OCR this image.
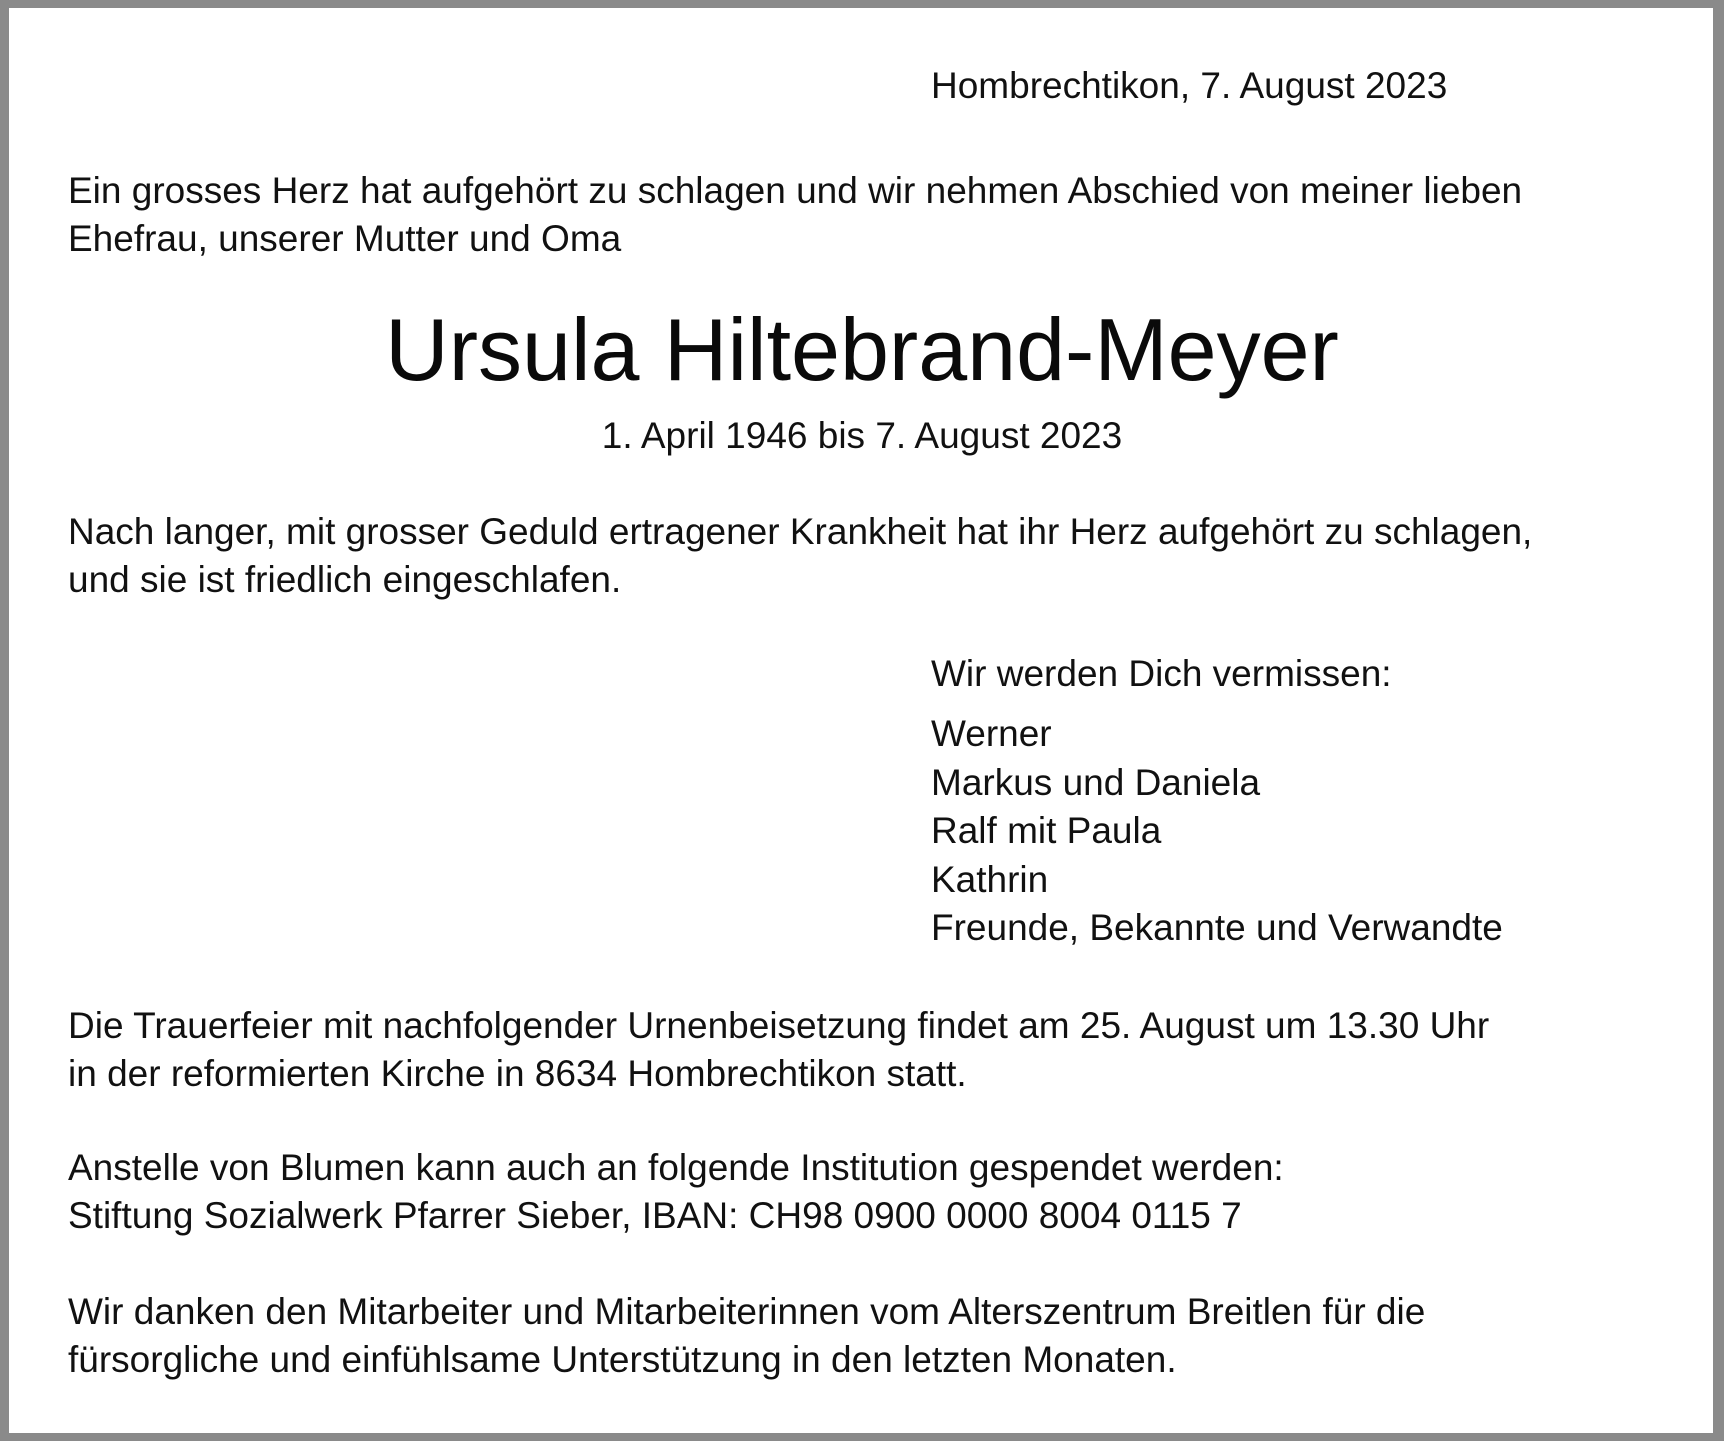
Hombrechtikon, 7. August 2023

Ein grosses Herz hat aufgehört zu schlagen und wir nehmen Abschied von meiner lieben

Ehefrau, unserer Mutter und Oma

Ursula Hiltebrand-Meyer
1. April 1946 bis 7. August 2023

Nach langer, mit grosser Geduld ertragener Krankheit hat ihr Herz aufgehört zu schlagen,

und sie ist friedlich eingeschlafen.

Wir werden Dich vermissen:

Werner
Markus und Daniela
Ralf mit Paula
Kathrin
Freunde, Bekannte und Verwandte

Die Trauerfeier mit nachfolgender Urnenbeisetzung findet am 25. August um 13.30 Uhr

in der reformierten Kirche in 8634 Hombrechtikon statt.

Anstelle von Blumen kann auch an folgende Institution gespendet werden:

Stiftung Sozialwerk Pfarrer Sieber, IBAN: CH98 0900 0000 8004 0115 7

Wir danken den Mitarbeiter und Mitarbeiterinnen vom Alterszentrum Breitlen für die

fürsorgliche und einfühlsame Unterstützung in den letzten Monaten.
